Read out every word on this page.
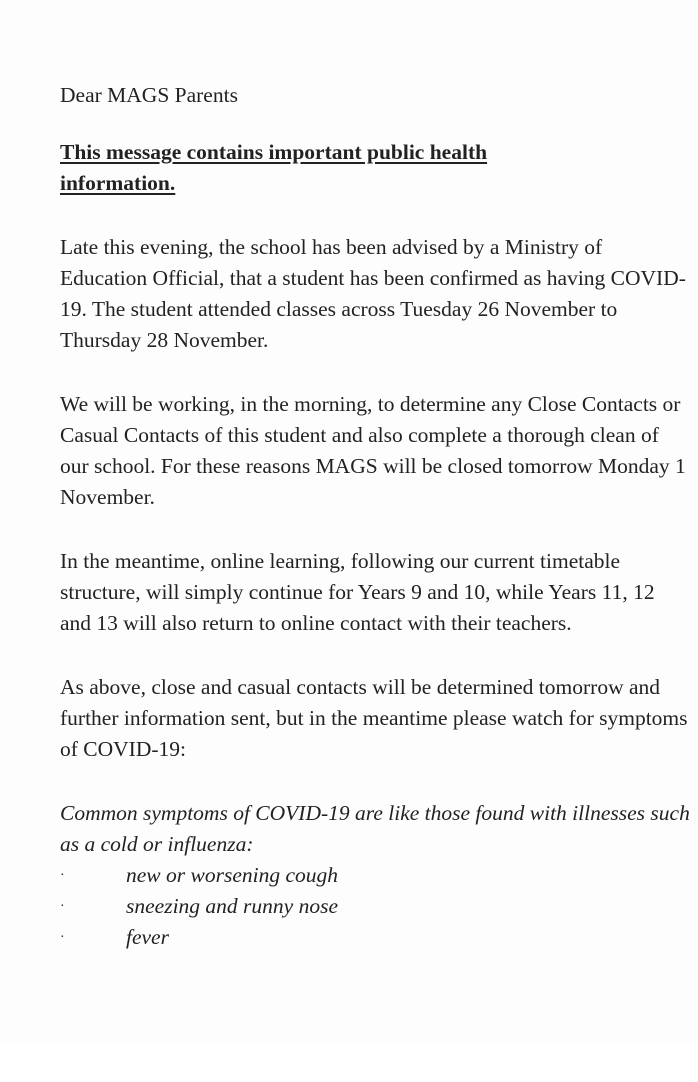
Dear MAGS Parents

This message contains important public health information.

Late this evening, the school has been advised by a Ministry of Education Official, that a student has been confirmed as having COVID-19. The student attended classes across Tuesday 26 November to Thursday 28 November.

We will be working, in the morning, to determine any Close Contacts or Casual Contacts of this student and also complete a thorough clean of our school. For these reasons MAGS will be closed tomorrow Monday 1 November.

In the meantime, online learning, following our current timetable structure, will simply continue for Years 9 and 10, while Years 11, 12 and 13 will also return to online contact with their teachers.

As above, close and casual contacts will be determined tomorrow and further information sent, but in the meantime please watch for symptoms of COVID-19:

Common symptoms of COVID-19 are like those found with illnesses such as a cold or influenza:

·	new or worsening cough
·	sneezing and runny nose
·	fever
